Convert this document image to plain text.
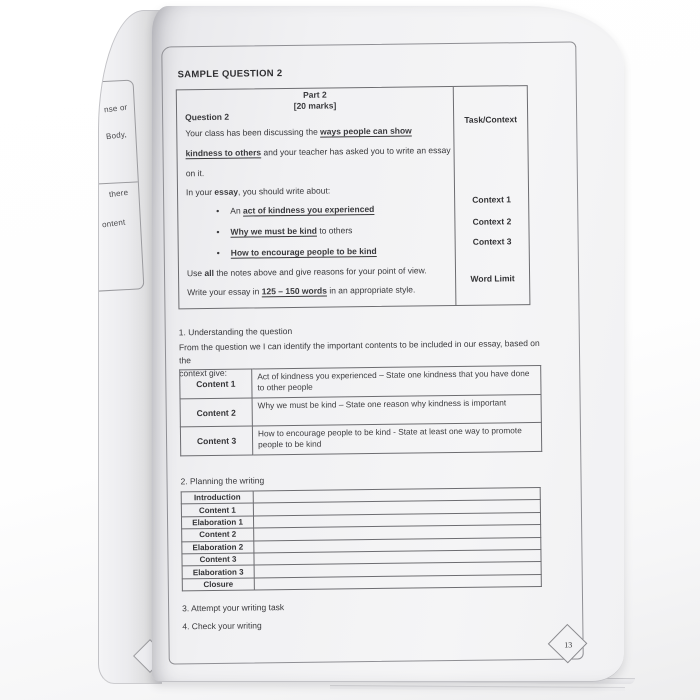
nse or
Body,
there
ontent
SAMPLE QUESTION 2
Part 2
[20 marks]
Question 2
Your class has been discussing the ways people can show
kindness to others and your teacher has asked you to write an essay
on it.
In your essay, you should write about:
• An act of kindness you experienced
• Why we must be kind to others
• How to encourage people to be kind
Use all the notes above and give reasons for your point of view.
Write your essay in 125 – 150 words in an appropriate style.
Task/Context
Context 1
Context 2
Context 3
Word Limit
1. Understanding the question
From the question we I can identify the important contents to be included in our essay, based on the
context give:
Content 1	Act of kindness you experienced – State one kindness that you have done to other people
Content 2	Why we must be kind – State one reason why kindness is important
Content 3	How to encourage people to be kind - State at least one way to promote people to be kind
2. Planning the writing
Introduction	
Content 1	
Elaboration 1	
Content 2	
Elaboration 2	
Content 3	
Elaboration 3	
Closure	
3. Attempt your writing task
4. Check your writing
13
